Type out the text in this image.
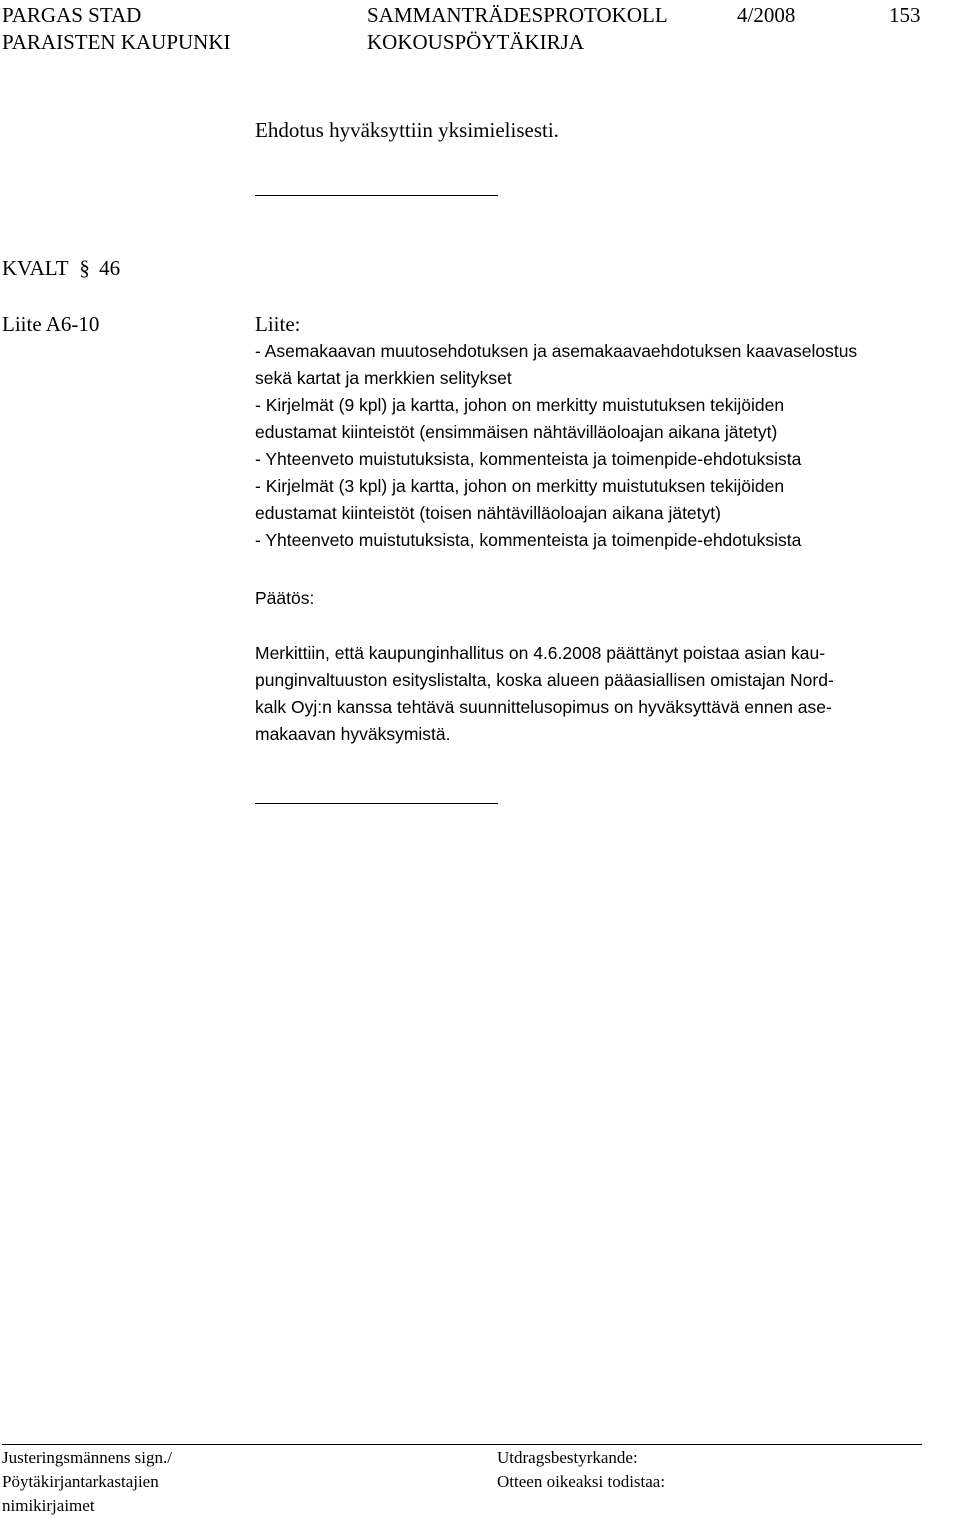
PARGAS STAD
PARAISTEN KAUPUNKI
SAMMANTRÄDESPROTOKOLL
KOKOUSPÖYTÄKIRJA
4/2008	153
Ehdotus hyväksyttiin yksimielisesti.
KVALT § 46
Liite A6-10	Liite:
- Asemakaavan muutosehdotuksen ja asemakaavaehdotuksen kaavaselostus
sekä kartat ja merkkien selitykset
- Kirjelmät (9 kpl) ja kartta, johon on merkitty muistutuksen tekijöiden
edustamat kiinteistöt (ensimmäisen nähtävilläoloajan aikana jätetyt)
- Yhteenveto muistutuksista, kommenteista ja toimenpide-ehdotuksista
- Kirjelmät (3 kpl) ja kartta, johon on merkitty muistutuksen tekijöiden
edustamat kiinteistöt (toisen nähtävilläoloajan aikana jätetyt)
- Yhteenveto muistutuksista, kommenteista ja toimenpide-ehdotuksista
Päätös:
Merkittiin, että kaupunginhallitus on 4.6.2008 päättänyt poistaa asian kau-
punginvaltuuston esityslistalta, koska alueen pääasiallisen omistajan Nord-
kalk Oyj:n kanssa tehtävä suunnittelusopimus on hyväksyttävä ennen ase-
makaavan hyväksymistä.
Justeringsmännens sign./
Pöytäkirjantarkastajien
nimikirjaimet
Utdragsbestyrkande:
Otteen oikeaksi todistaa:
